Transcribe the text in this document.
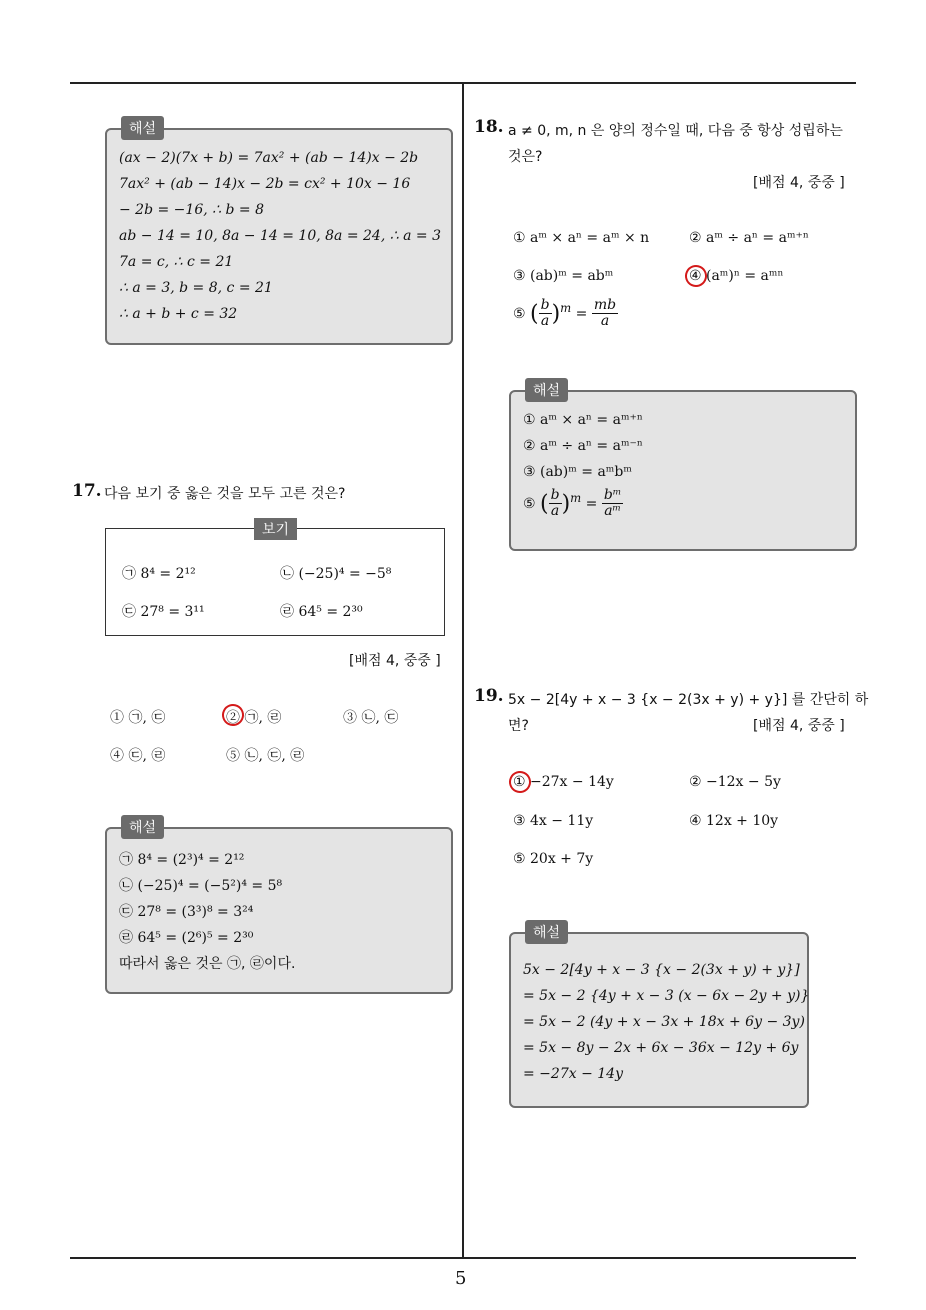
해설
(ax − 2)(7x + b) = 7ax² + (ab − 14)x − 2b
7ax² + (ab − 14)x − 2b = cx² + 10x − 16
− 2b = −16, ∴ b = 8
ab − 14 = 10, 8a − 14 = 10, 8a = 24, ∴ a = 3
7a = c, ∴ c = 21
∴ a = 3, b = 8, c = 21
∴ a + b + c = 32
17. 다음 보기 중 옳은 것을 모두 고른 것은?
보기
㉠ 8⁴ = 2¹²	㉡ (−25)⁴ = −5⁸
㉢ 27⁸ = 3¹¹	㉣ 64⁵ = 2³⁰
[배점 4, 중중 ]
① ㉠, ㉢	② ㉠, ㉣	③ ㉡, ㉢
④ ㉢, ㉣	⑤ ㉡, ㉢, ㉣
해설
㉠ 8⁴ = (2³)⁴ = 2¹²
㉡ (−25)⁴ = (−5²)⁴ = 5⁸
㉢ 27⁸ = (3³)⁸ = 3²⁴
㉣ 64⁵ = (2⁶)⁵ = 2³⁰
따라서 옳은 것은 ㉠, ㉣이다.
18. a ≠ 0, m, n 은 양의 정수일 때, 다음 중 항상 성립하는
것은?
[배점 4, 중중 ]
① aᵐ × aⁿ = aᵐ × n	② aᵐ ÷ aⁿ = aᵐ⁺ⁿ
③ (ab)ᵐ = abᵐ	④ (aᵐ)ⁿ = aᵐⁿ
⑤ ( $\frac{b}{a} )^m = \frac{mb}{a}$
해설
① aᵐ × aⁿ = aᵐ⁺ⁿ
② aᵐ ÷ aⁿ = aᵐ⁻ⁿ
③ (ab)ᵐ = aᵐbᵐ
⑤ ( $\frac{b}{a} )^m = \frac{\text{bᵐ}}{\text{aᵐ}}$
19. 5x − 2[4y + x − 3 {x − 2(3x + y) + y}] 를 간단히 하
면?	[배점 4, 중중 ]
① −27x − 14y	② −12x − 5y
③ 4x − 11y	④ 12x + 10y
⑤ 20x + 7y
해설
5x − 2[4y + x − 3 {x − 2(3x + y) + y}]
= 5x − 2 {4y + x − 3 (x − 6x − 2y + y)}
= 5x − 2 (4y + x − 3x + 18x + 6y − 3y)
= 5x − 8y − 2x + 6x − 36x − 12y + 6y
= −27x − 14y
5
